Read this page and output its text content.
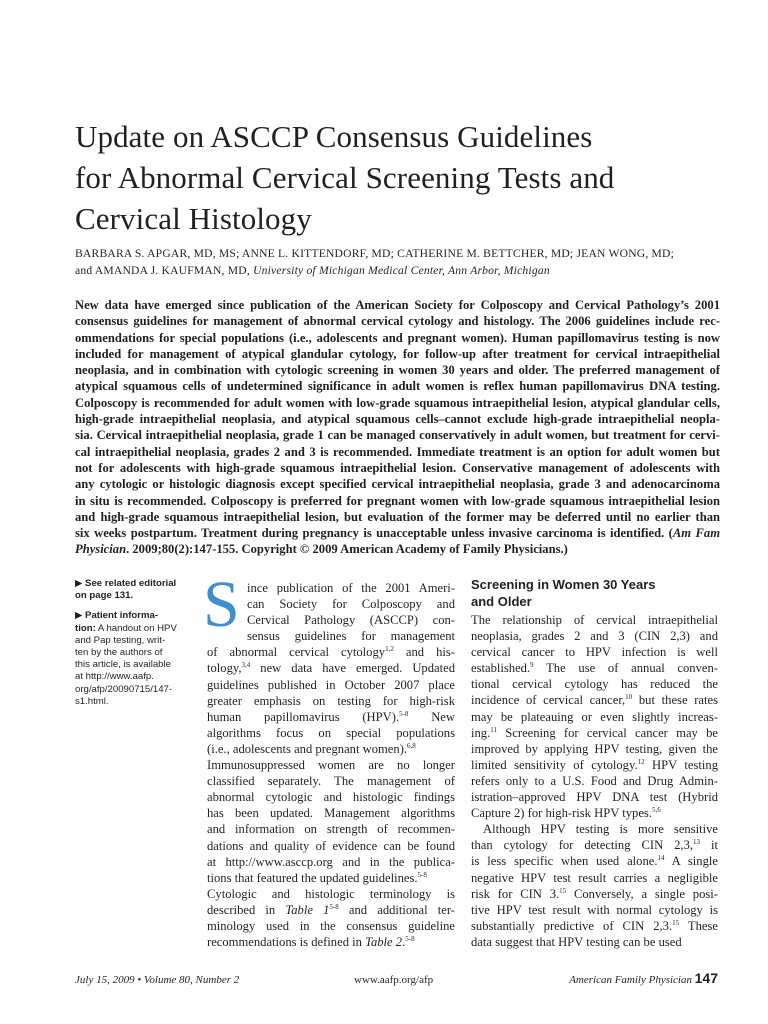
Update on ASCCP Consensus Guidelines
for Abnormal Cervical Screening Tests and
Cervical Histology
BARBARA S. APGAR, MD, MS; ANNE L. KITTENDORF, MD; CATHERINE M. BETTCHER, MD; JEAN WONG, MD;
and AMANDA J. KAUFMAN, MD, University of Michigan Medical Center, Ann Arbor, Michigan
New data have emerged since publication of the American Society for Colposcopy and Cervical Pathology’s 2001
consensus guidelines for management of abnormal cervical cytology and histology. The 2006 guidelines include rec-
ommendations for special populations (i.e., adolescents and pregnant women). Human papillomavirus testing is now
included for management of atypical glandular cytology, for follow-up after treatment for cervical intraepithelial
neoplasia, and in combination with cytologic screening in women 30 years and older. The preferred management of
atypical squamous cells of undetermined significance in adult women is reflex human papillomavirus DNA testing.
Colposcopy is recommended for adult women with low-grade squamous intraepithelial lesion, atypical glandular cells,
high-grade intraepithelial neoplasia, and atypical squamous cells–cannot exclude high-grade intraepithelial neopla-
sia. Cervical intraepithelial neoplasia, grade 1 can be managed conservatively in adult women, but treatment for cervi-
cal intraepithelial neoplasia, grades 2 and 3 is recommended. Immediate treatment is an option for adult women but
not for adolescents with high-grade squamous intraepithelial lesion. Conservative management of adolescents with
any cytologic or histologic diagnosis except specified cervical intraepithelial neoplasia, grade 3 and adenocarcinoma
in situ is recommended. Colposcopy is preferred for pregnant women with low-grade squamous intraepithelial lesion
and high-grade squamous intraepithelial lesion, but evaluation of the former may be deferred until no earlier than
six weeks postpartum. Treatment during pregnancy is unacceptable unless invasive carcinoma is identified. (Am Fam
Physician. 2009;80(2):147-155. Copyright © 2009 American Academy of Family Physicians.)
▶ See related editorial
on page 131.
▶ Patient informa-
tion: A handout on HPV
and Pap testing, writ-
ten by the authors of
this article, is available
at http://www.aafp.
org/afp/20090715/147-
s1.html.
S ince publication of the 2001 Ameri-
can Society for Colposcopy and
Cervical Pathology (ASCCP) con-
sensus guidelines for management
of abnormal cervical cytology$^{1,2}$ and his-
tology,$^{3,4}$ new data have emerged. Updated
guidelines published in October 2007 place
greater emphasis on testing for high-risk
human papillomavirus (HPV).$^{5-8}$ New
algorithms focus on special populations
(i.e., adolescents and pregnant women).$^{6,8}$
Immunosuppressed women are no longer
classified separately. The management of
abnormal cytologic and histologic findings
has been updated. Management algorithms
and information on strength of recommen-
dations and quality of evidence can be found
at http://www.asccp.org and in the publica-
tions that featured the updated guidelines.$^{5-8}$
Cytologic and histologic terminology is
described in Table 1$^{5-8}$ and additional ter-
minology used in the consensus guideline
recommendations is defined in Table 2.$^{5-8}$
Screening in Women 30 Years
and Older
The relationship of cervical intraepithelial
neoplasia, grades 2 and 3 (CIN 2,3) and
cervical cancer to HPV infection is well
established.$^9$ The use of annual conven-
tional cervical cytology has reduced the
incidence of cervical cancer,$^{10}$ but these rates
may be plateauing or even slightly increas-
ing.$^{11}$ Screening for cervical cancer may be
improved by applying HPV testing, given the
limited sensitivity of cytology.$^{12}$ HPV testing
refers only to a U.S. Food and Drug Admin-
istration–approved HPV DNA test (Hybrid
Capture 2) for high-risk HPV types.$^{5,6}$
Although HPV testing is more sensitive
than cytology for detecting CIN 2,3,13 it
is less specific when used alone.$^{14}$ A single
negative HPV test result carries a negligible
risk for CIN 3.15 Conversely, a single posi-
tive HPV test result with normal cytology is
substantially predictive of CIN 2,3.15 These
data suggest that HPV testing can be used
July 15, 2009 • Volume 80, Number 2	www.aafp.org/afp	American Family Physician 147
